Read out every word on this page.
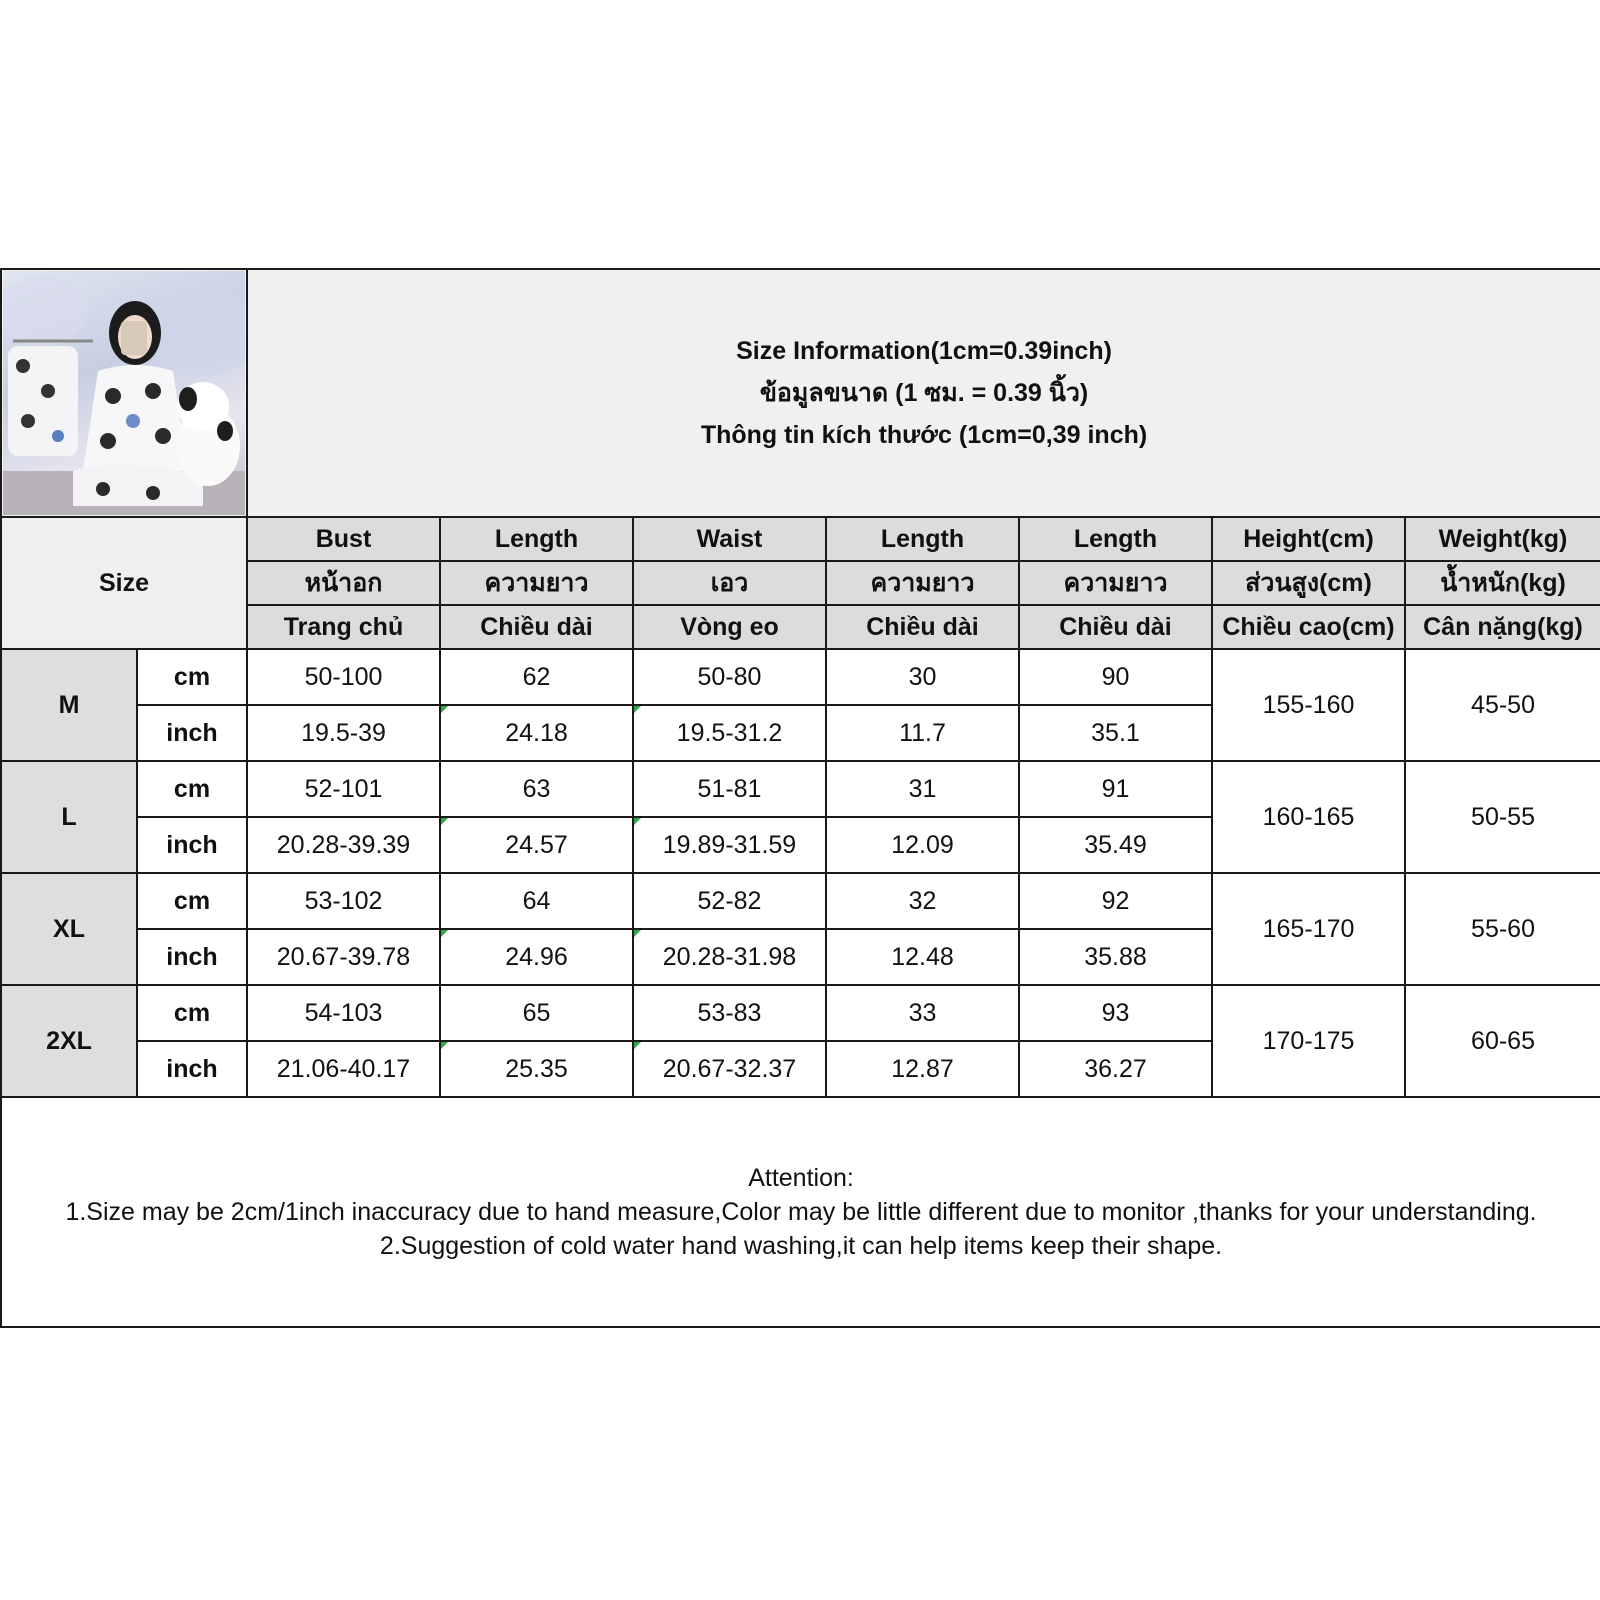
Size Information(1cm=0.39inch)
ข้อมูลขนาด (1 ซม. = 0.39 นิ้ว)
Thông tin kích thước (1cm=0,39 inch)						

Size		Bust	Length	Waist	Length	Length	Height(cm)	Weight(kg)
		หน้าอก	ความยาว	เอว	ความยาว	ความยาว	ส่วนสูง(cm)	น้ำหนัก(kg)
		Trang chủ	Chiều dài	Vòng eo	Chiều dài	Chiều dài	Chiều cao(cm)	Cân nặng(kg)
M	cm	50-100	62	50-80	30	90	155-160	45-50
	inch	19.5-39	24.18	19.5-31.2	11.7	35.1		
L	cm	52-101	63	51-81	31	91	160-165	50-55
	inch	20.28-39.39	24.57	19.89-31.59	12.09	35.49		
XL	cm	53-102	64	52-82	32	92	165-170	55-60
	inch	20.67-39.78	24.96	20.28-31.98	12.48	35.88		
2XL	cm	54-103	65	53-83	33	93	170-175	60-65
	inch	21.06-40.17	25.35	20.67-32.37	12.87	36.27		

Attention:
1.Size may be 2cm/1inch inaccuracy due to hand measure,Color may be little different due to monitor ,thanks for your understanding.
2.Suggestion of cold water hand washing,it can help items keep their shape.								
